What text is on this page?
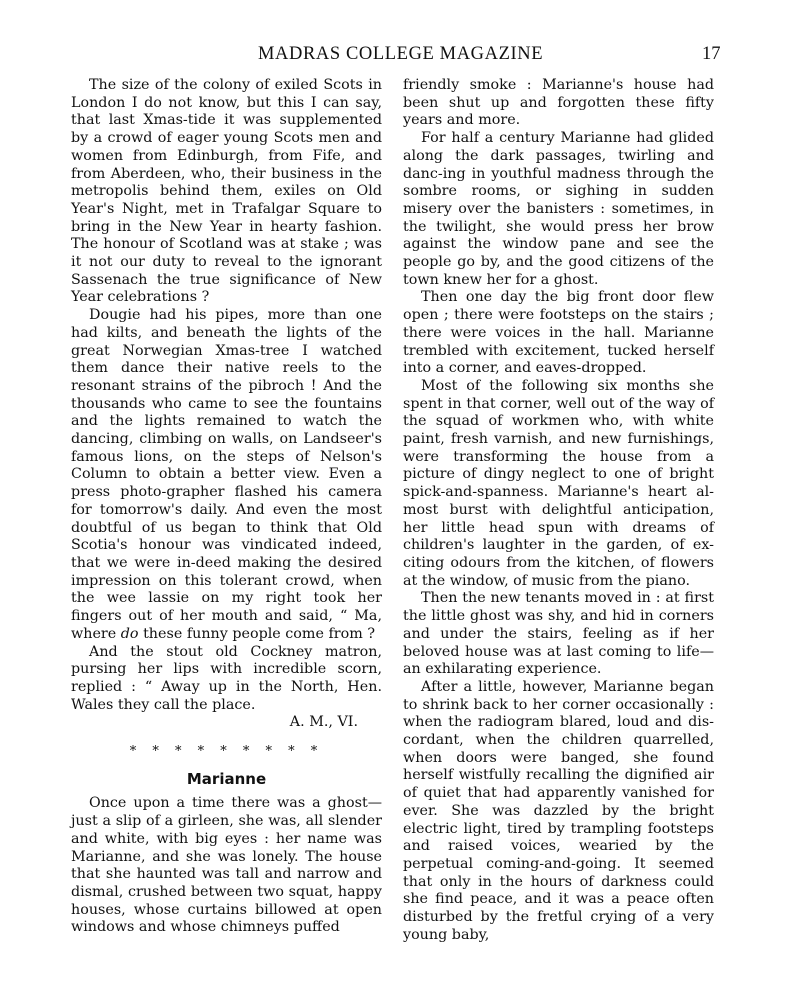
MADRAS COLLEGE MAGAZINE	17

The size of the colony of exiled Scots in London I do not know, but this I can say, that last Xmas-tide it was supplemented by a crowd of eager young Scots men and women from Edinburgh, from Fife, and from Aberdeen, who, their business in the metropolis behind them, exiles on Old Year's Night, met in Trafalgar Square to bring in the New Year in hearty fashion. The honour of Scotland was at stake ; was it not our duty to reveal to the ignorant Sassenach the true significance of New Year celebrations ?

Dougie had his pipes, more than one had kilts, and beneath the lights of the great Norwegian Xmas-tree I watched them dance their native reels to the resonant strains of the pibroch ! And the thousands who came to see the fountains and the lights remained to watch the dancing, climbing on walls, on Landseer's famous lions, on the steps of Nelson's Column to obtain a better view. Even a press photo-grapher flashed his camera for tomorrow's daily. And even the most doubtful of us began to think that Old Scotia's honour was vindicated indeed, that we were in-deed making the desired impression on this tolerant crowd, when the wee lassie on my right took her fingers out of her mouth and said, “ Ma, where do these funny people come from ?

And the stout old Cockney matron, pursing her lips with incredible scorn, replied : “ Away up in the North, Hen. Wales they call the place.

A. M., VI.

* * * * * * * * *
Marianne

Once upon a time there was a ghost—just a slip of a girleen, she was, all slender and white, with big eyes : her name was Marianne, and she was lonely. The house that she haunted was tall and narrow and dismal, crushed between two squat, happy houses, whose curtains billowed at open windows and whose chimneys puffed

friendly smoke : Marianne's house had been shut up and forgotten these fifty years and more.

For half a century Marianne had glided along the dark passages, twirling and danc-ing in youthful madness through the sombre rooms, or sighing in sudden misery over the banisters : sometimes, in the twilight, she would press her brow against the window pane and see the people go by, and the good citizens of the town knew her for a ghost.

Then one day the big front door flew open ; there were footsteps on the stairs ; there were voices in the hall. Marianne trembled with excitement, tucked herself into a corner, and eaves-dropped.

Most of the following six months she spent in that corner, well out of the way of the squad of workmen who, with white paint, fresh varnish, and new furnishings, were transforming the house from a picture of dingy neglect to one of bright spick-and-spanness. Marianne's heart al-most burst with delightful anticipation, her little head spun with dreams of children's laughter in the garden, of ex-citing odours from the kitchen, of flowers at the window, of music from the piano.

Then the new tenants moved in : at first the little ghost was shy, and hid in corners and under the stairs, feeling as if her beloved house was at last coming to life—an exhilarating experience.

After a little, however, Marianne began to shrink back to her corner occasionally : when the radiogram blared, loud and dis-cordant, when the children quarrelled, when doors were banged, she found herself wistfully recalling the dignified air of quiet that had apparently vanished for ever. She was dazzled by the bright electric light, tired by trampling footsteps and raised voices, wearied by the perpetual coming-and-going. It seemed that only in the hours of darkness could she find peace, and it was a peace often disturbed by the fretful crying of a very young baby,
